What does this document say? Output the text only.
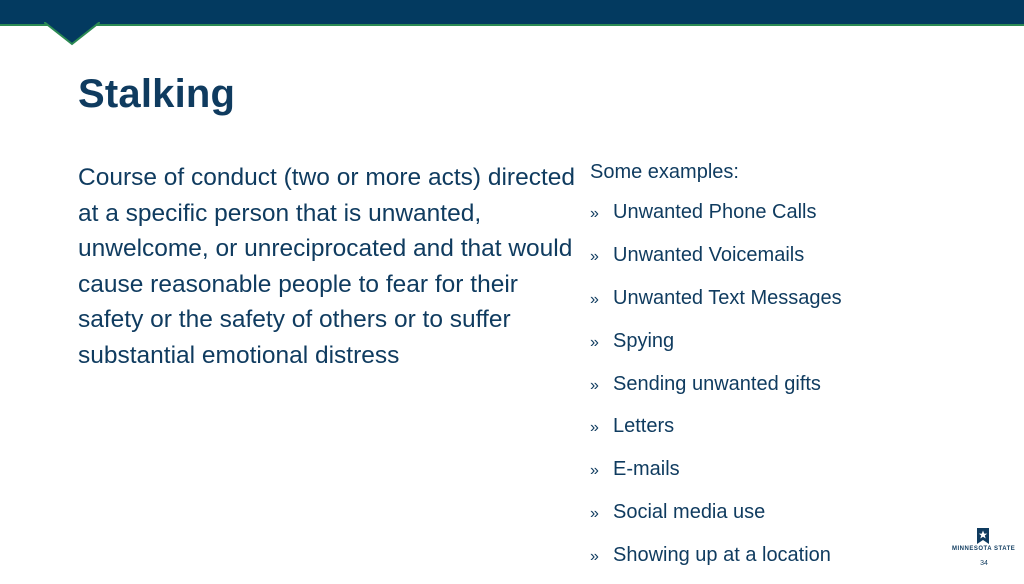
Stalking
Course of conduct (two or more acts) directed at a specific person that is unwanted, unwelcome, or unreciprocated and that would cause reasonable people to fear for their safety or the safety of others or to suffer substantial emotional distress
Some examples:
» Unwanted Phone Calls
» Unwanted Voicemails
» Unwanted Text Messages
» Spying
» Sending unwanted gifts
» Letters
» E-mails
» Social media use
» Showing up at a location	MINNESOTA STATE
34
